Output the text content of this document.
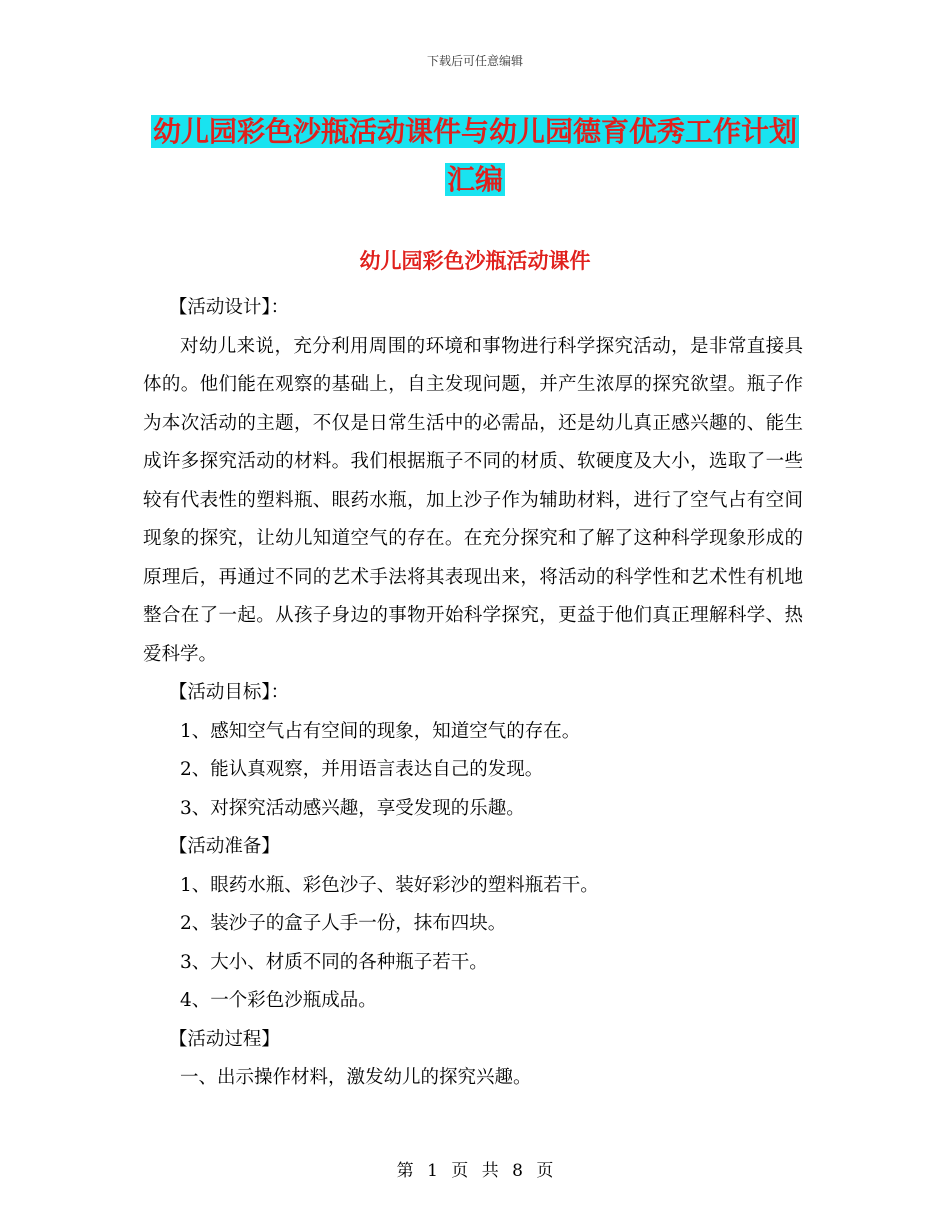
下载后可任意编辑
幼儿园彩色沙瓶活动课件与幼儿园德育优秀工作计划
汇编
幼儿园彩色沙瓶活动课件

【活动设计】：

对幼儿来说，充分利用周围的环境和事物进行科学探究活动，是非常直接具体的。他们能在观察的基础上，自主发现问题，并产生浓厚的探究欲望。瓶子作为本次活动的主题，不仅是日常生活中的必需品，还是幼儿真正感兴趣的、能生成许多探究活动的材料。我们根据瓶子不同的材质、软硬度及大小，选取了一些较有代表性的塑料瓶、眼药水瓶，加上沙子作为辅助材料，进行了空气占有空间现象的探究，让幼儿知道空气的存在。在充分探究和了解了这种科学现象形成的原理后，再通过不同的艺术手法将其表现出来，将活动的科学性和艺术性有机地整合在了一起。从孩子身边的事物开始科学探究，更益于他们真正理解科学、热爱科学。

【活动目标】：

1、感知空气占有空间的现象，知道空气的存在。

2、能认真观察，并用语言表达自己的发现。

3、对探究活动感兴趣，享受发现的乐趣。

【活动准备】

1、眼药水瓶、彩色沙子、装好彩沙的塑料瓶若干。

2、装沙子的盒子人手一份，抹布四块。

3、大小、材质不同的各种瓶子若干。

4、一个彩色沙瓶成品。

【活动过程】

一、出示操作材料，激发幼儿的探究兴趣。

第 1 页 共 8 页
